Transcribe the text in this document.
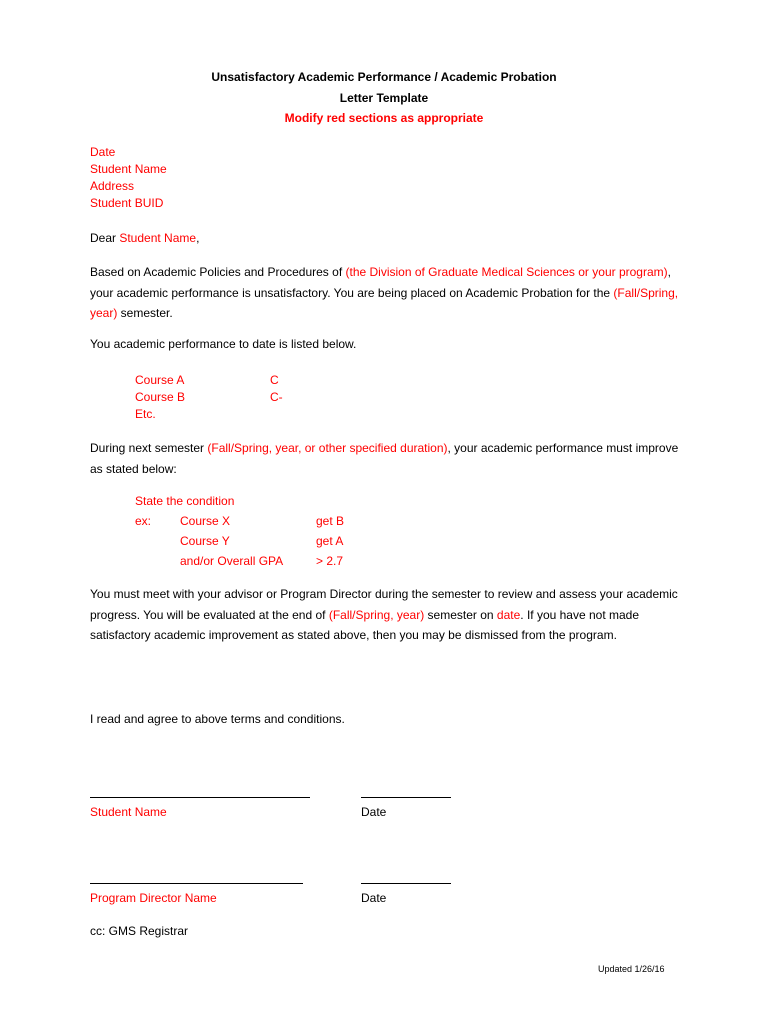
Unsatisfactory Academic Performance / Academic Probation
Letter Template
Modify red sections as appropriate
Date
Student Name
Address
Student BUID
Dear Student Name,
Based on Academic Policies and Procedures of (the Division of Graduate Medical Sciences or your program), your academic performance is unsatisfactory. You are being placed on Academic Probation for the (Fall/Spring, year) semester.
You academic performance to date is listed below.
Course A	C
Course B	C-
Etc.
During next semester (Fall/Spring, year, or other specified duration), your academic performance must improve as stated below:
State the condition
ex: Course X	get B
Course Y	get A
and/or Overall GPA	> 2.7
You must meet with your advisor or Program Director during the semester to review and assess your academic progress. You will be evaluated at the end of (Fall/Spring, year) semester on date. If you have not made satisfactory academic improvement as stated above, then you may be dismissed from the program.
I read and agree to above terms and conditions.
Student Name	Date
Program Director Name	Date
cc: GMS Registrar
Updated 1/26/16
